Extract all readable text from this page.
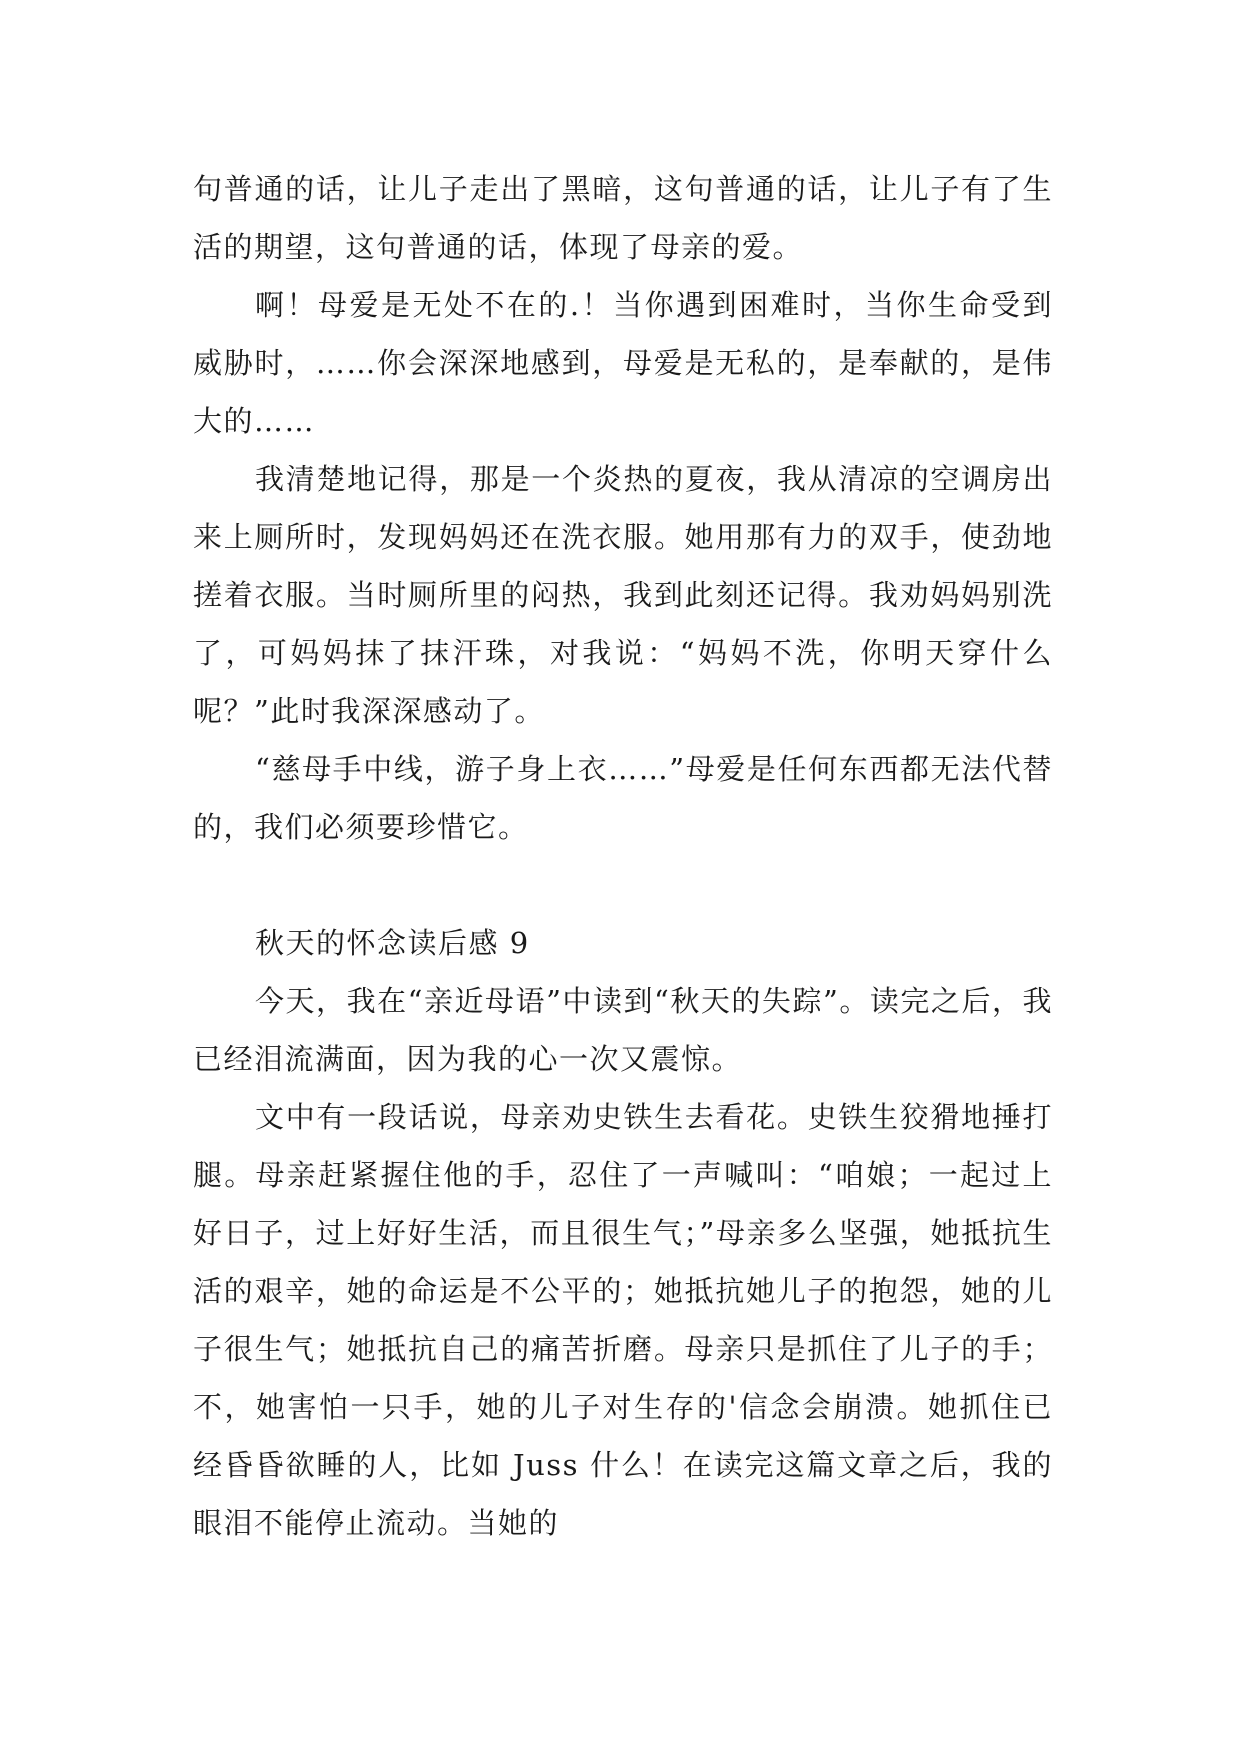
句普通的话，让儿子走出了黑暗，这句普通的话，让儿子有了生活的期望，这句普通的话，体现了母亲的爱。

啊！母爱是无处不在的.！当你遇到困难时，当你生命受到威胁时，……你会深深地感到，母爱是无私的，是奉献的，是伟大的……

我清楚地记得，那是一个炎热的夏夜，我从清凉的空调房出来上厕所时，发现妈妈还在洗衣服。她用那有力的双手，使劲地搓着衣服。当时厕所里的闷热，我到此刻还记得。我劝妈妈别洗了，可妈妈抹了抹汗珠，对我说：“妈妈不洗，你明天穿什么呢？”此时我深深感动了。

“慈母手中线，游子身上衣……”母爱是任何东西都无法代替的，我们必须要珍惜它。

秋天的怀念读后感 9

今天，我在“亲近母语”中读到“秋天的失踪”。读完之后，我已经泪流满面，因为我的心一次又震惊。

文中有一段话说，母亲劝史铁生去看花。史铁生狡猾地捶打腿。母亲赶紧握住他的手，忍住了一声喊叫：“咱娘；一起过上好日子，过上好好生活，而且很生气；”母亲多么坚强，她抵抗生活的艰辛，她的命运是不公平的；她抵抗她儿子的抱怨，她的儿子很生气；她抵抗自己的痛苦折磨。母亲只是抓住了儿子的手；不，她害怕一只手，她的儿子对生存的'信念会崩溃。她抓住已经昏昏欲睡的人，比如 Juss 什么！在读完这篇文章之后，我的眼泪不能停止流动。当她的
